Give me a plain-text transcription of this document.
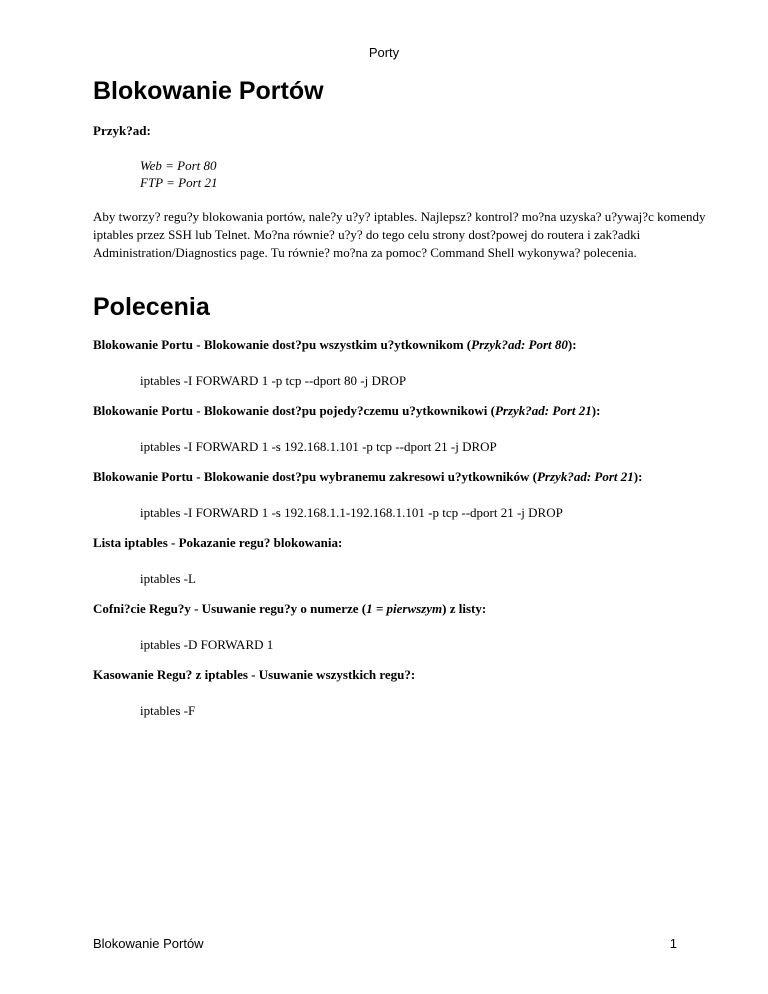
Porty
Blokowanie Portów

Przyk?ad:

Web = Port 80
FTP = Port 21
Aby tworzy? regu?y blokowania portów, nale?y u?y? iptables. Najlepsz? kontrol? mo?na uzyska? u?ywaj?c komendy iptables przez SSH lub Telnet. Mo?na równie? u?y? do tego celu strony dost?powej do routera i zak?adki Administration/Diagnostics page. Tu równie? mo?na za pomoc? Command Shell wykonywa? polecenia.
Polecenia

Blokowanie Portu - Blokowanie dost?pu wszystkim u?ytkownikom (Przyk?ad: Port 80):

iptables -I FORWARD 1 -p tcp --dport 80 -j DROP

Blokowanie Portu - Blokowanie dost?pu pojedy?czemu u?ytkownikowi (Przyk?ad: Port 21):

iptables -I FORWARD 1 -s 192.168.1.101 -p tcp --dport 21 -j DROP

Blokowanie Portu - Blokowanie dost?pu wybranemu zakresowi u?ytkowników (Przyk?ad: Port 21):

iptables -I FORWARD 1 -s 192.168.1.1-192.168.1.101 -p tcp --dport 21 -j DROP

Lista iptables - Pokazanie regu? blokowania:

iptables -L

Cofni?cie Regu?y - Usuwanie regu?y o numerze (1 = pierwszym) z listy:

iptables -D FORWARD 1

Kasowanie Regu? z iptables - Usuwanie wszystkich regu?:

iptables -F
Blokowanie Portów	1
